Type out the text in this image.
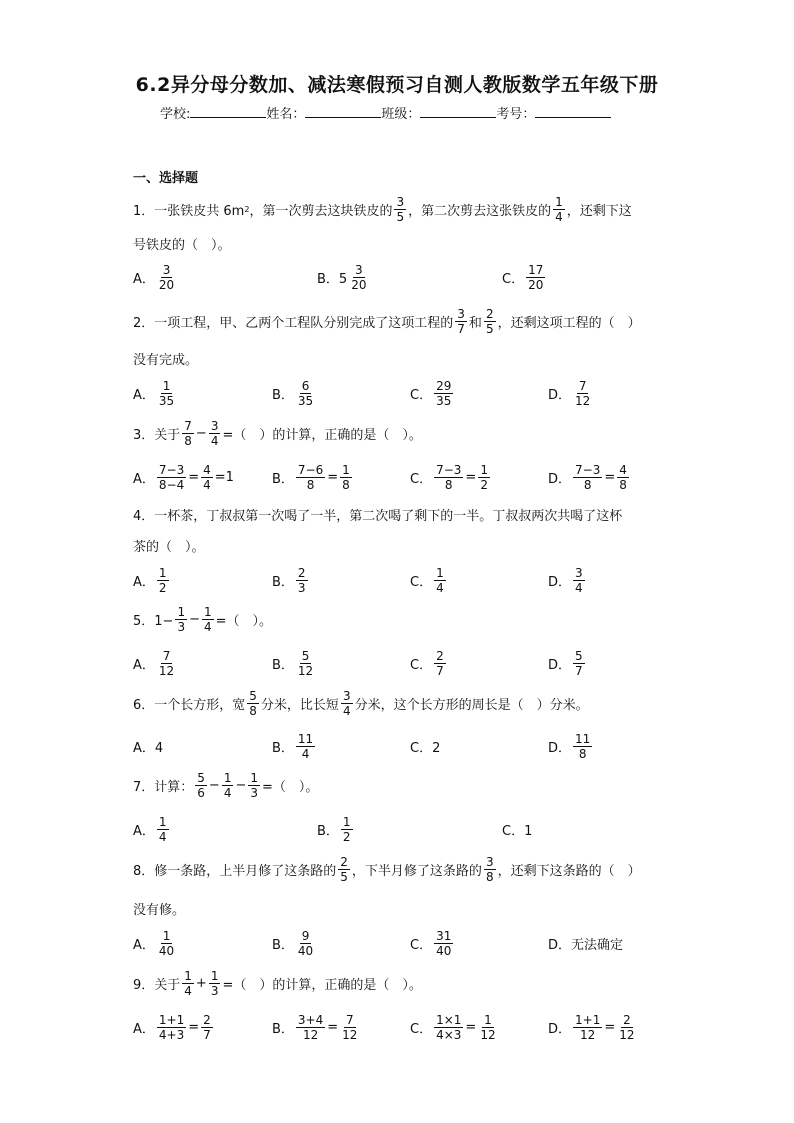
6.2异分母分数加、减法寒假预习自测人教版数学五年级下册
学校:	姓名：	班级：	考号：
一、选择题
1．一张铁皮共 6m 2 ，第一次剪去这块铁皮的 $\frac{3}{5}$ ，第二次剪去这张铁皮的 $\frac{1}{4}$ ，还剩下这
号铁皮的（　）。
A． $\frac{3}{20}$	B．$5 \frac{3}{20}$	C． $\frac{17}{20}$
2．一项工程，甲、乙两个工程队分别完成了这项工程的 $\frac{3}{7}$ 和 $\frac{2}{5}$ ，还剩这项工程的（　）
没有完成。
A． $\frac{1}{35}$	B． $\frac{6}{35}$	C． $\frac{29}{35}$	D． $\frac{7}{12}$
3．关于 $\frac{7}{8} - \frac{3}{4}$ =（　）的计算，正确的是（　）。
A． $\frac{7-3}{8-4} = \frac{4}{4} =1$	B． $\frac{7-6}{8} = \frac{1}{8}$	C． $\frac{7-3}{8} = \frac{1}{2}$	D． $\frac{7-3}{8} = \frac{4}{8}$
4．一杯茶，丁叔叔第一次喝了一半，第二次喝了剩下的一半。丁叔叔两次共喝了这杯
茶的（　）。
A． $\frac{1}{2}$	B． $\frac{2}{3}$	C． $\frac{1}{4}$	D． $\frac{3}{4}$
5．$1- \frac{1}{3} - \frac{1}{4}$ =（　）。
A． $\frac{7}{12}$	B． $\frac{5}{12}$	C． $\frac{2}{7}$	D． $\frac{5}{7}$
6．一个长方形，宽 $\frac{5}{8}$ 分米，比长短 $\frac{3}{4}$ 分米，这个长方形的周长是（　）分米。
A．4	B． $\frac{11}{4}$	C．2	D． $\frac{11}{8}$
7．计算： $\frac{5}{6} - \frac{1}{4} - \frac{1}{3}$ =（　）。
A． $\frac{1}{4}$	B． $\frac{1}{2}$	C．1
8．修一条路，上半月修了这条路的 $\frac{2}{5}$ ，下半月修了这条路的 $\frac{3}{8}$ ，还剩下这条路的（　）
没有修。
A． $\frac{1}{40}$	B． $\frac{9}{40}$	C． $\frac{31}{40}$	D．无法确定
9．关于 $\frac{1}{4} + \frac{1}{3}$ =（　）的计算，正确的是（　）。
A． $\frac{1+1}{4+3} = \frac{2}{7}$	B． $\frac{3+4}{12} = \frac{7}{12}$	C． $\frac{1\times 1}{4\times 3} = \frac{1}{12}$	D． $\frac{1+1}{12} = \frac{2}{12}$
